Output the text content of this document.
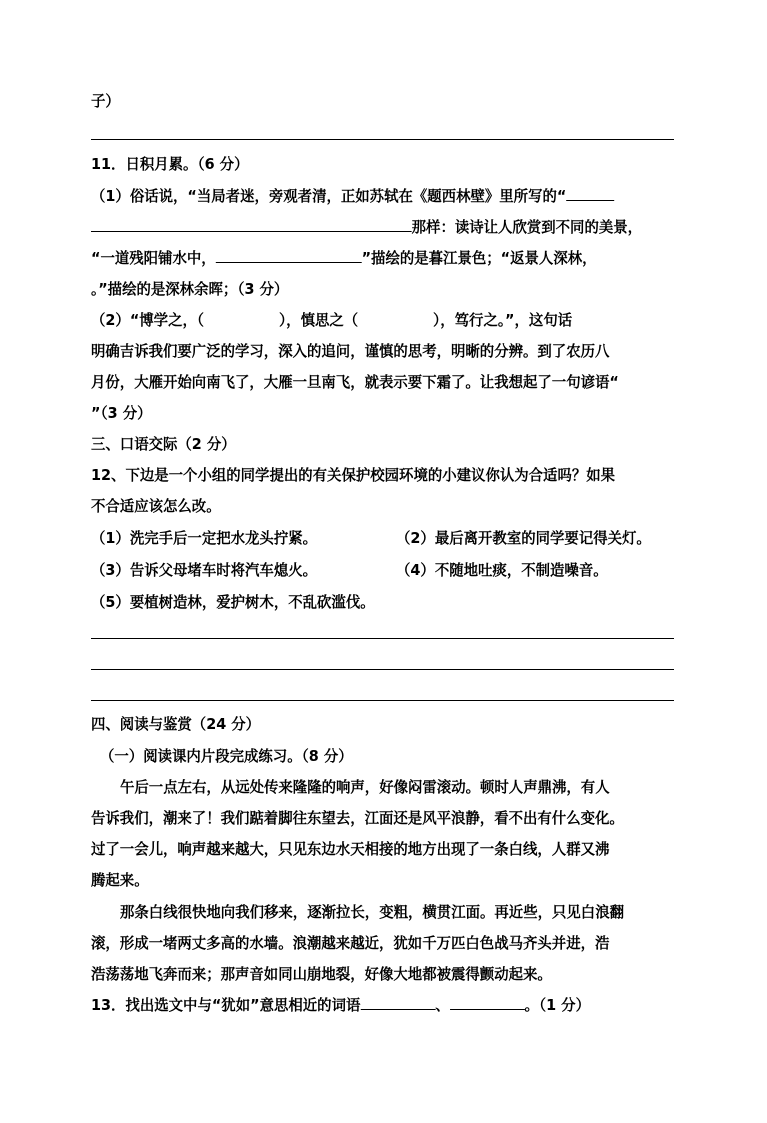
子）
11．日积月累。（6 分）
（1）俗话说，“当局者迷，旁观者清，正如苏轼在《题西林壁》里所写的“
那样：读诗让人欣赏到不同的美景，
“一道残阳铺水中，	”描绘的是暮江景色；“返景人深林，
。”描绘的是深林余晖；（3 分）
（2）“博学之，（	），慎思之（	），笃行之。”，这句话
明确吉诉我们要广泛的学习，深入的追问，谨慎的思考，明晰的分辨。到了农历八
月份，大雁开始向南飞了，大雁一旦南飞，就表示要下霜了。让我想起了一句谚语“
”（3 分）
三、口语交际（2 分）
12、下边是一个小组的同学提出的有关保护校园环境的小建议你认为合适吗？如果
不合适应该怎么改。
（1）洗完手后一定把水龙头拧紧。	（2）最后离开教室的同学要记得关灯。
（3）告诉父母堵车时将汽车熄火。	（4）不随地吐痰，不制造噪音。
（5）要植树造林，爱护树木，不乱砍滥伐。
四、阅读与鉴赏（24 分）
（一）阅读课内片段完成练习。（8 分）
午后一点左右，从远处传来隆隆的响声，好像闷雷滚动。顿时人声鼎沸，有人
告诉我们，潮来了！我们踮着脚往东望去，江面还是风平浪静，看不出有什么变化。
过了一会儿，响声越来越大，只见东边水天相接的地方出现了一条白线，人群又沸
腾起来。
那条白线很快地向我们移来，逐渐拉长，变粗，横贯江面。再近些，只见白浪翻
滚，形成一堵两丈多高的水墙。浪潮越来越近，犹如千万匹白色战马齐头并进，浩
浩荡荡地飞奔而来；那声音如同山崩地裂，好像大地都被震得颤动起来。
13．找出选文中与“犹如”意思相近的词语	、	。（1 分）
